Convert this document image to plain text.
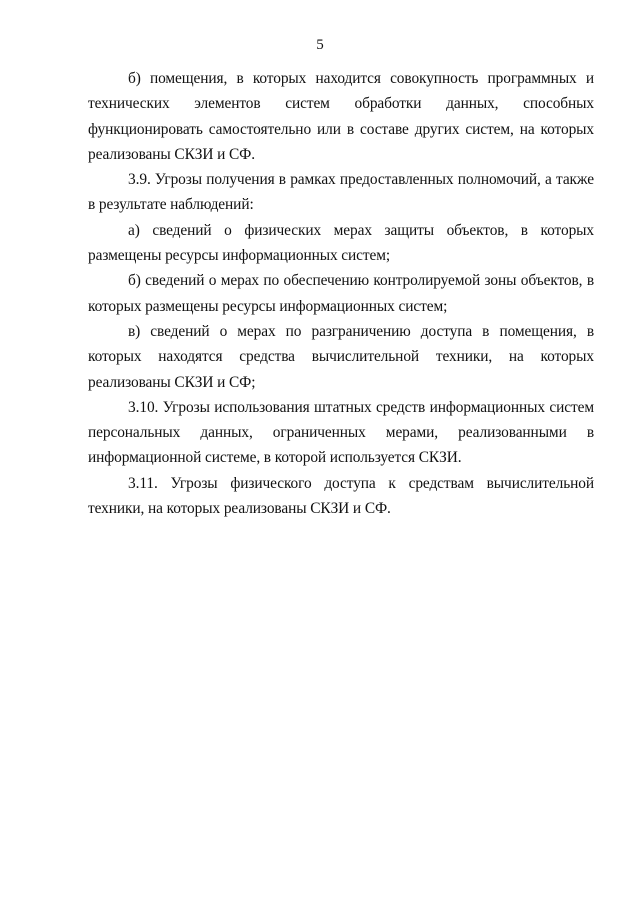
5

б) помещения, в которых находится совокупность программных и технических элементов систем обработки данных, способных функционировать самостоятельно или в составе других систем, на которых реализованы СКЗИ и СФ.

3.9. Угрозы получения в рамках предоставленных полномочий, а также в результате наблюдений:

а) сведений о физических мерах защиты объектов, в которых размещены ресурсы информационных систем;

б) сведений о мерах по обеспечению контролируемой зоны объектов, в которых размещены ресурсы информационных систем;

в) сведений о мерах по разграничению доступа в помещения, в которых находятся средства вычислительной техники, на которых реализованы СКЗИ и СФ;

3.10. Угрозы использования штатных средств информационных систем персональных данных, ограниченных мерами, реализованными в информационной системе, в которой используется СКЗИ.

3.11. Угрозы физического доступа к средствам вычислительной техники, на которых реализованы СКЗИ и СФ.
